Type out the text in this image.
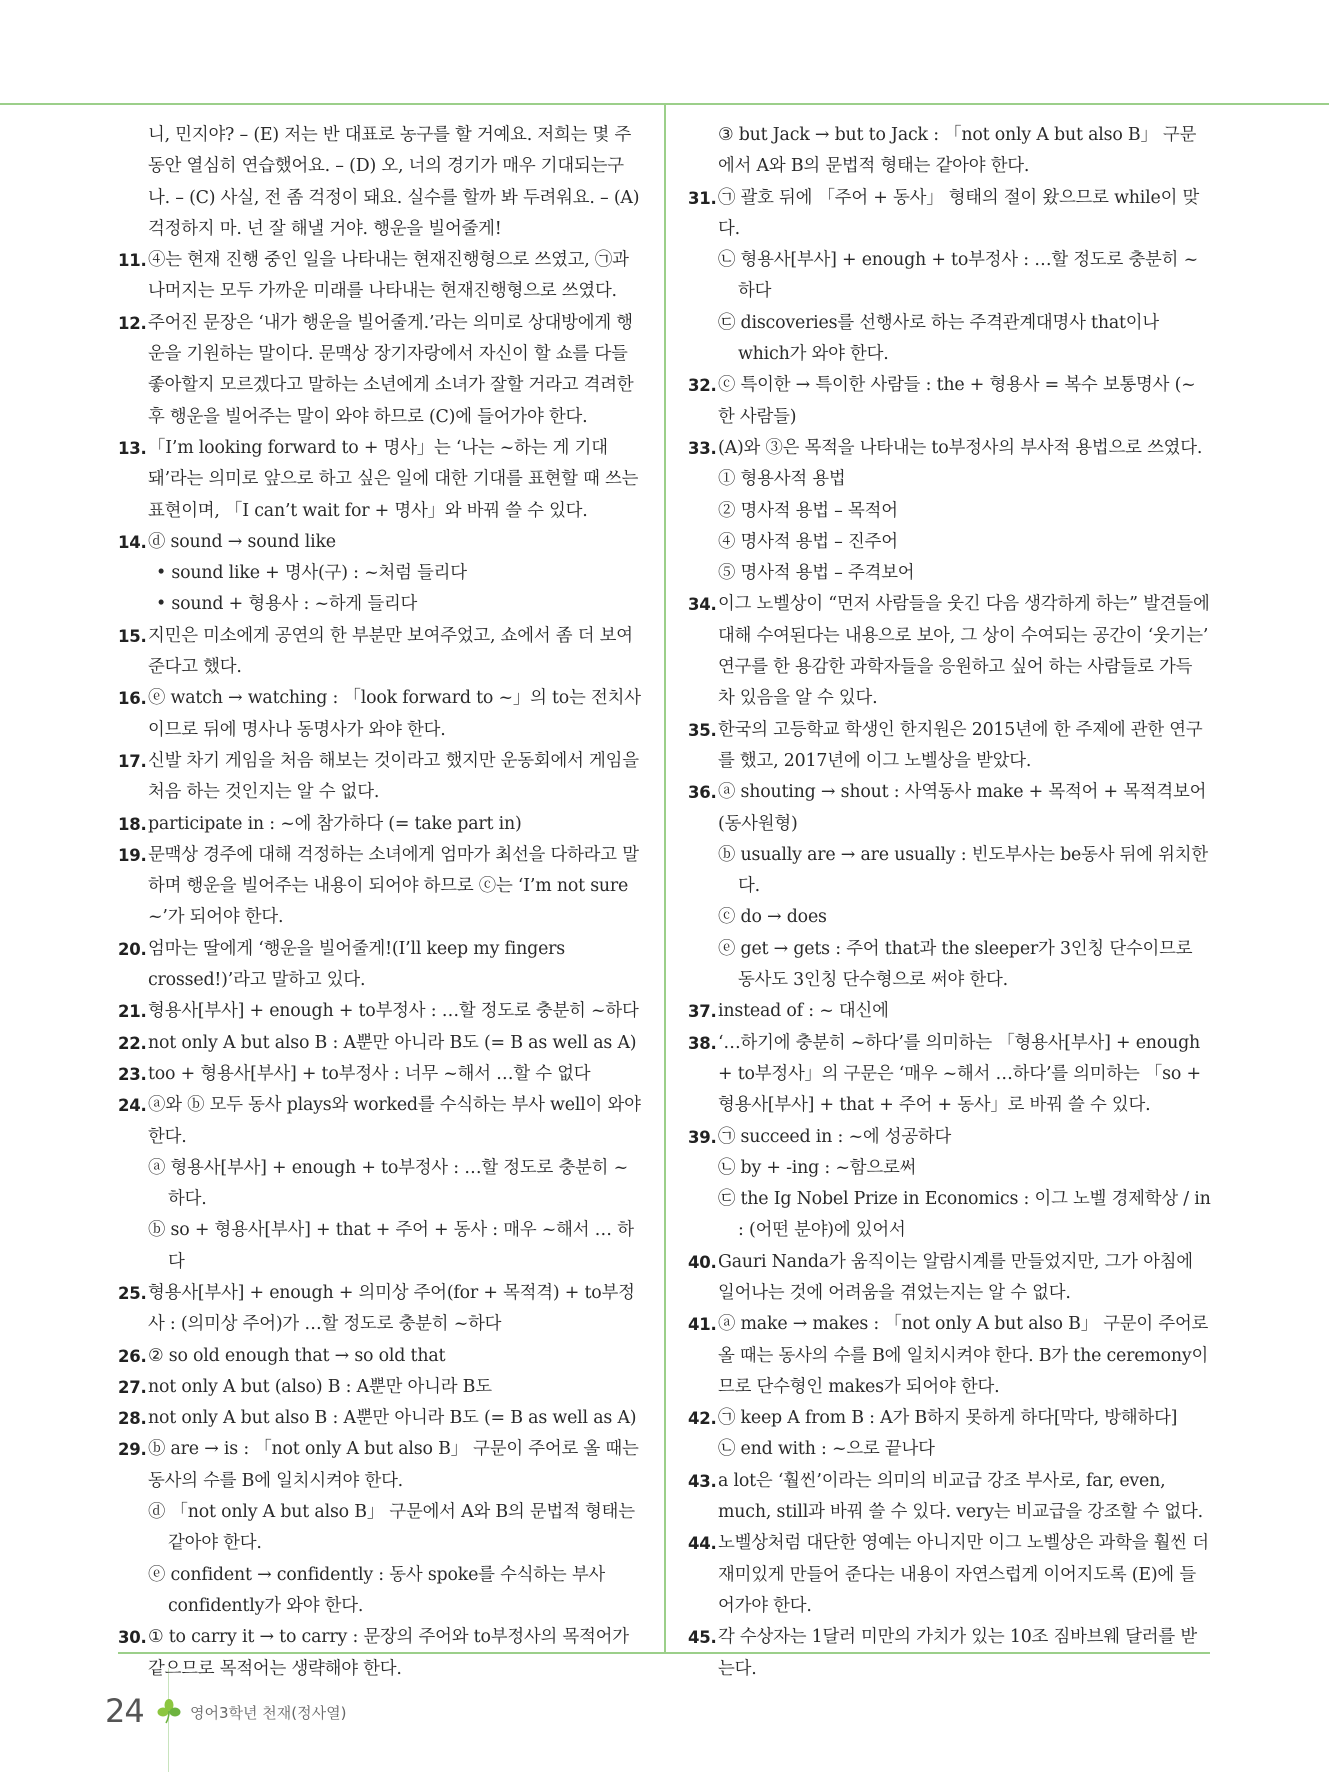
니, 민지야? – (E) 저는 반 대표로 농구를 할 거예요. 저희는 몇 주 동안 열심히 연습했어요. – (D) 오, 너의 경기가 매우 기대되는구나. – (C) 사실, 전 좀 걱정이 돼요. 실수를 할까 봐 두려워요. – (A) 걱정하지 마. 넌 잘 해낼 거야. 행운을 빌어줄게!
11. ④는 현재 진행 중인 일을 나타내는 현재진행형으로 쓰였고, ㉠과 나머지는 모두 가까운 미래를 나타내는 현재진행형으로 쓰였다.
12. 주어진 문장은 ‘내가 행운을 빌어줄게.’라는 의미로 상대방에게 행운을 기원하는 말이다. 문맥상 장기자랑에서 자신이 할 쇼를 다들 좋아할지 모르겠다고 말하는 소년에게 소녀가 잘할 거라고 격려한 후 행운을 빌어주는 말이 와야 하므로 (C)에 들어가야 한다.
13. 「I’m looking forward to + 명사」는 ‘나는 ~하는 게 기대돼’라는 의미로 앞으로 하고 싶은 일에 대한 기대를 표현할 때 쓰는 표현이며, 「I can’t wait for + 명사」와 바꿔 쓸 수 있다.
14. ⓓ sound → sound like
• sound like + 명사(구) : ~처럼 들리다
• sound + 형용사 : ~하게 들리다
15. 지민은 미소에게 공연의 한 부분만 보여주었고, 쇼에서 좀 더 보여준다고 했다.
16. ⓔ watch → watching : 「look forward to ~」의 to는 전치사이므로 뒤에 명사나 동명사가 와야 한다.
17. 신발 차기 게임을 처음 해보는 것이라고 했지만 운동회에서 게임을 처음 하는 것인지는 알 수 없다.
18. participate in : ~에 참가하다 (= take part in)
19. 문맥상 경주에 대해 걱정하는 소녀에게 엄마가 최선을 다하라고 말하며 행운을 빌어주는 내용이 되어야 하므로 ⓒ는 ‘I’m not sure ~’가 되어야 한다.
20. 엄마는 딸에게 ‘행운을 빌어줄게!(I’ll keep my fingers crossed!)’라고 말하고 있다.
21. 형용사[부사] + enough + to부정사 : …할 정도로 충분히 ~하다
22. not only A but also B : A뿐만 아니라 B도 (= B as well as A)
23. too + 형용사[부사] + to부정사 : 너무 ~해서 …할 수 없다
24. ⓐ와 ⓑ 모두 동사 plays와 worked를 수식하는 부사 well이 와야 한다.
ⓐ 형용사[부사] + enough + to부정사 : …할 정도로 충분히 ~하다.
ⓑ so + 형용사[부사] + that + 주어 + 동사 : 매우 ~해서 … 하다
25. 형용사[부사] + enough + 의미상 주어(for + 목적격) + to부정사 : (의미상 주어)가 …할 정도로 충분히 ~하다
26. ② so old enough that → so old that
27. not only A but (also) B : A뿐만 아니라 B도
28. not only A but also B : A뿐만 아니라 B도 (= B as well as A)
29. ⓑ are → is : 「not only A but also B」 구문이 주어로 올 때는 동사의 수를 B에 일치시켜야 한다.
ⓓ 「not only A but also B」 구문에서 A와 B의 문법적 형태는 같아야 한다.
ⓔ confident → confidently : 동사 spoke를 수식하는 부사 confidently가 와야 한다.
30. ① to carry it → to carry : 문장의 주어와 to부정사의 목적어가 같으므로 목적어는 생략해야 한다.
③ but Jack → but to Jack : 「not only A but also B」 구문에서 A와 B의 문법적 형태는 같아야 한다.
31. ㉠ 괄호 뒤에 「주어 + 동사」 형태의 절이 왔으므로 while이 맞다.
㉡ 형용사[부사] + enough + to부정사 : …할 정도로 충분히 ~하다
㉢ discoveries를 선행사로 하는 주격관계대명사 that이나 which가 와야 한다.
32. ⓒ 특이한 → 특이한 사람들 : the + 형용사 = 복수 보통명사 (~한 사람들)
33. (A)와 ③은 목적을 나타내는 to부정사의 부사적 용법으로 쓰였다.
① 형용사적 용법
② 명사적 용법 – 목적어
④ 명사적 용법 – 진주어
⑤ 명사적 용법 – 주격보어
34. 이그 노벨상이 “먼저 사람들을 웃긴 다음 생각하게 하는” 발견들에 대해 수여된다는 내용으로 보아, 그 상이 수여되는 공간이 ‘웃기는’ 연구를 한 용감한 과학자들을 응원하고 싶어 하는 사람들로 가득 차 있음을 알 수 있다.
35. 한국의 고등학교 학생인 한지원은 2015년에 한 주제에 관한 연구를 했고, 2017년에 이그 노벨상을 받았다.
36. ⓐ shouting → shout : 사역동사 make + 목적어 + 목적격보어 (동사원형)
ⓑ usually are → are usually : 빈도부사는 be동사 뒤에 위치한다.
ⓒ do → does
ⓔ get → gets : 주어 that과 the sleeper가 3인칭 단수이므로 동사도 3인칭 단수형으로 써야 한다.
37. instead of : ~ 대신에
38. ‘…하기에 충분히 ~하다’를 의미하는 「형용사[부사] + enough + to부정사」의 구문은 ‘매우 ~해서 …하다’를 의미하는 「so + 형용사[부사] + that + 주어 + 동사」로 바꿔 쓸 수 있다.
39. ㉠ succeed in : ~에 성공하다
㉡ by + -ing : ~함으로써
㉢ the Ig Nobel Prize in Economics : 이그 노벨 경제학상 / in : (어떤 분야)에 있어서
40. Gauri Nanda가 움직이는 알람시계를 만들었지만, 그가 아침에 일어나는 것에 어려움을 겪었는지는 알 수 없다.
41. ⓐ make → makes : 「not only A but also B」 구문이 주어로 올 때는 동사의 수를 B에 일치시켜야 한다. B가 the ceremony이므로 단수형인 makes가 되어야 한다.
42. ㉠ keep A from B : A가 B하지 못하게 하다[막다, 방해하다]
㉡ end with : ~으로 끝나다
43. a lot은 ‘훨씬’이라는 의미의 비교급 강조 부사로, far, even, much, still과 바꿔 쓸 수 있다. very는 비교급을 강조할 수 없다.
44. 노벨상처럼 대단한 영예는 아니지만 이그 노벨상은 과학을 훨씬 더 재미있게 만들어 준다는 내용이 자연스럽게 이어지도록 (E)에 들어가야 한다.
45. 각 수상자는 1달러 미만의 가치가 있는 10조 짐바브웨 달러를 받는다.
24	영어3학년 천재(정사열)
